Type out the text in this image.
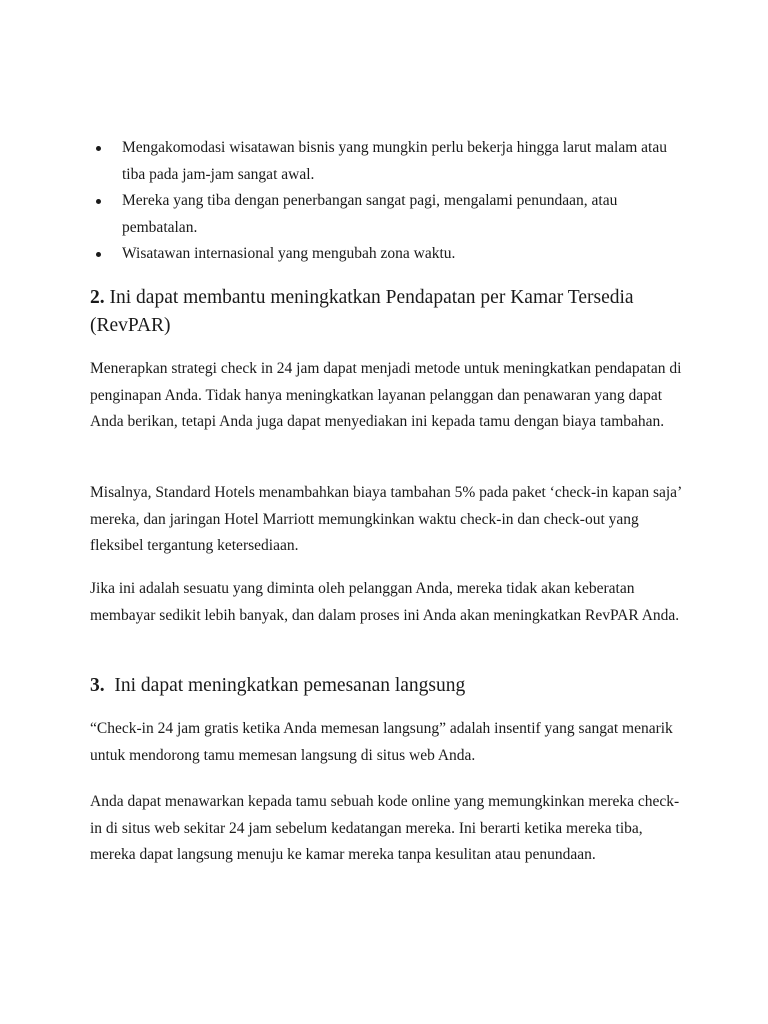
Mengakomodasi wisatawan bisnis yang mungkin perlu bekerja hingga larut malam atau tiba pada jam-jam sangat awal.
Mereka yang tiba dengan penerbangan sangat pagi, mengalami penundaan, atau pembatalan.
Wisatawan internasional yang mengubah zona waktu.
2. Ini dapat membantu meningkatkan Pendapatan per Kamar Tersedia (RevPAR)

Menerapkan strategi check in 24 jam dapat menjadi metode untuk meningkatkan pendapatan di penginapan Anda. Tidak hanya meningkatkan layanan pelanggan dan penawaran yang dapat Anda berikan, tetapi Anda juga dapat menyediakan ini kepada tamu dengan biaya tambahan.

Misalnya, Standard Hotels menambahkan biaya tambahan 5% pada paket ‘check-in kapan saja’ mereka, dan jaringan Hotel Marriott memungkinkan waktu check-in dan check-out yang fleksibel tergantung ketersediaan.

Jika ini adalah sesuatu yang diminta oleh pelanggan Anda, mereka tidak akan keberatan membayar sedikit lebih banyak, dan dalam proses ini Anda akan meningkatkan RevPAR Anda.

3.  Ini dapat meningkatkan pemesanan langsung

“Check-in 24 jam gratis ketika Anda memesan langsung” adalah insentif yang sangat menarik untuk mendorong tamu memesan langsung di situs web Anda.

Anda dapat menawarkan kepada tamu sebuah kode online yang memungkinkan mereka check-in di situs web sekitar 24 jam sebelum kedatangan mereka. Ini berarti ketika mereka tiba, mereka dapat langsung menuju ke kamar mereka tanpa kesulitan atau penundaan.
